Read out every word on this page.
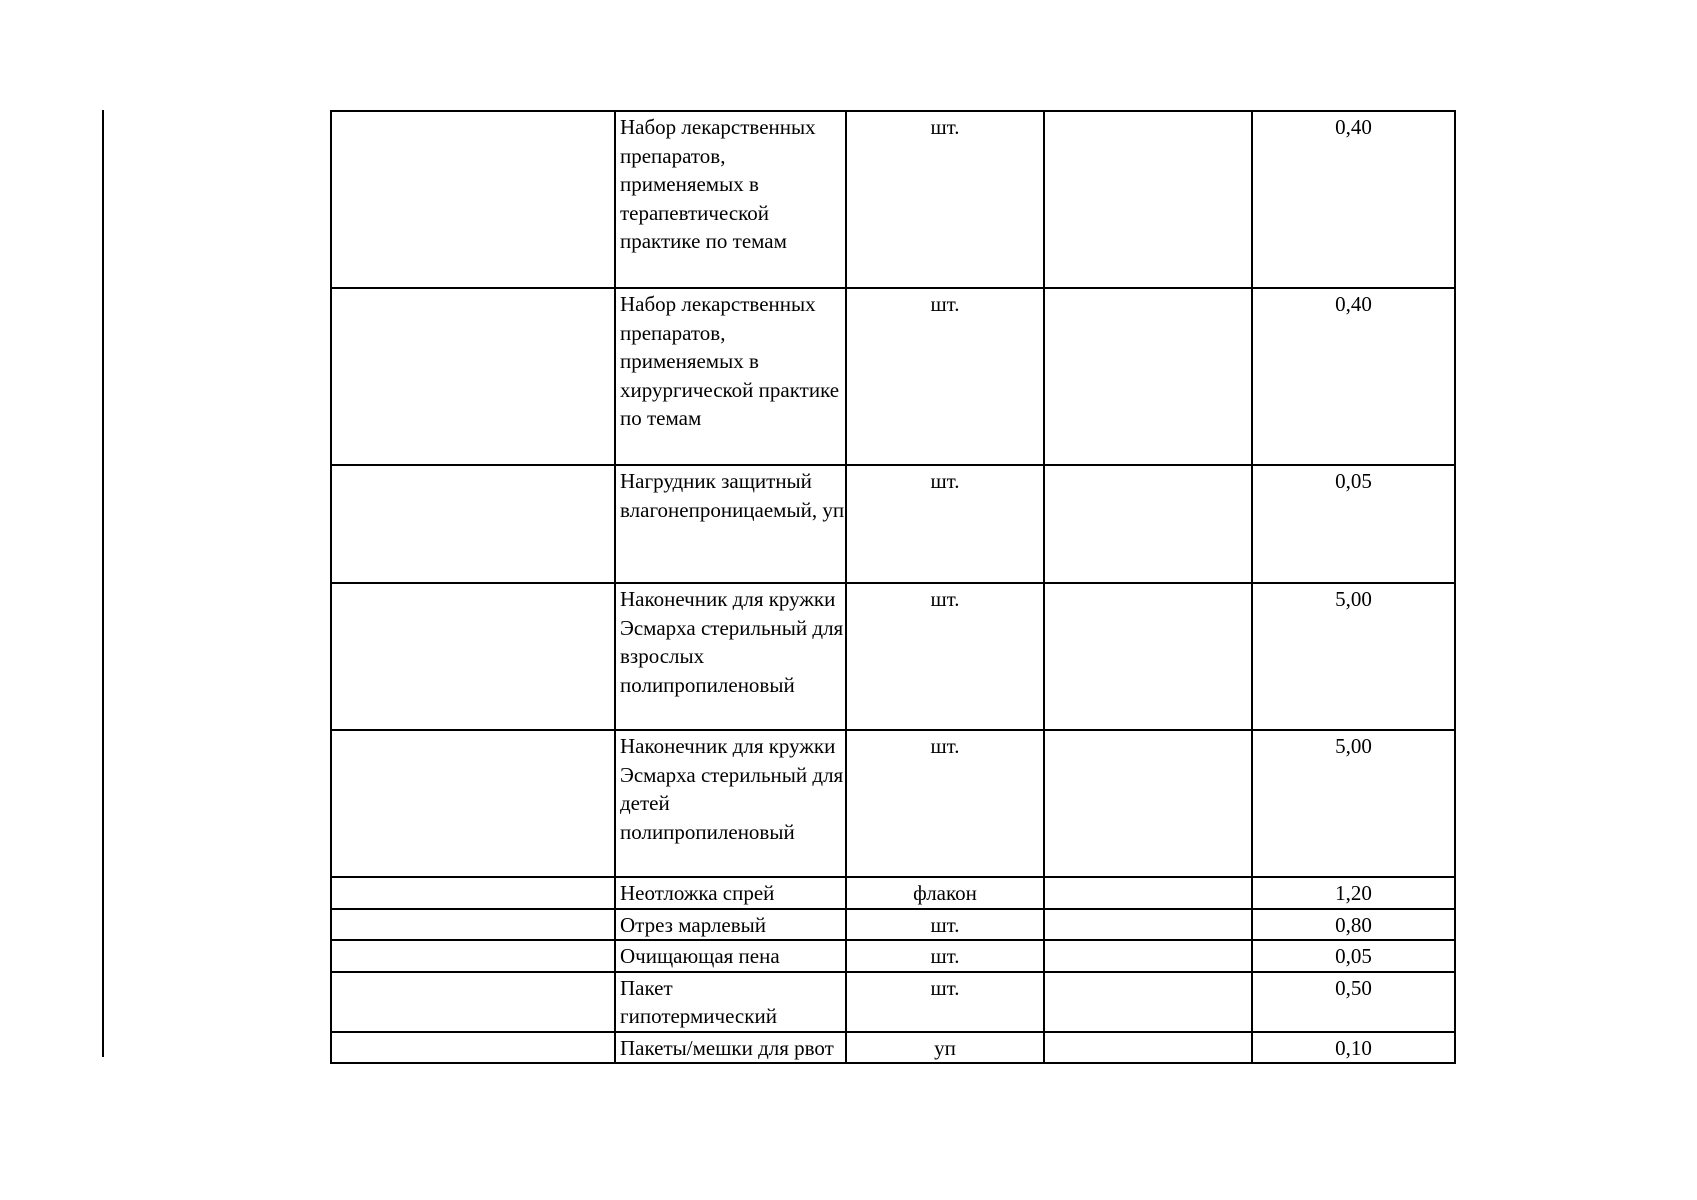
	Набор лекарственных препаратов, применяемых в терапевтической практике по темам	шт.		0,40

	Набор лекарственных препаратов, применяемых в хирургической практике по темам	шт.		0,40

	Нагрудник защитный влагонепроницаемый, уп	шт.		0,05

	Наконечник для кружки Эсмарха стерильный для взрослых полипропиленовый	шт.		5,00

	Наконечник для кружки Эсмарха стерильный для детей полипропиленовый	шт.		5,00

	Неотложка спрей	флакон		1,20

	Отрез марлевый	шт.		0,80

	Очищающая пена	шт.		0,05

	Пакет гипотермический	шт.		0,50

	Пакеты/мешки для рвот	уп		0,10
